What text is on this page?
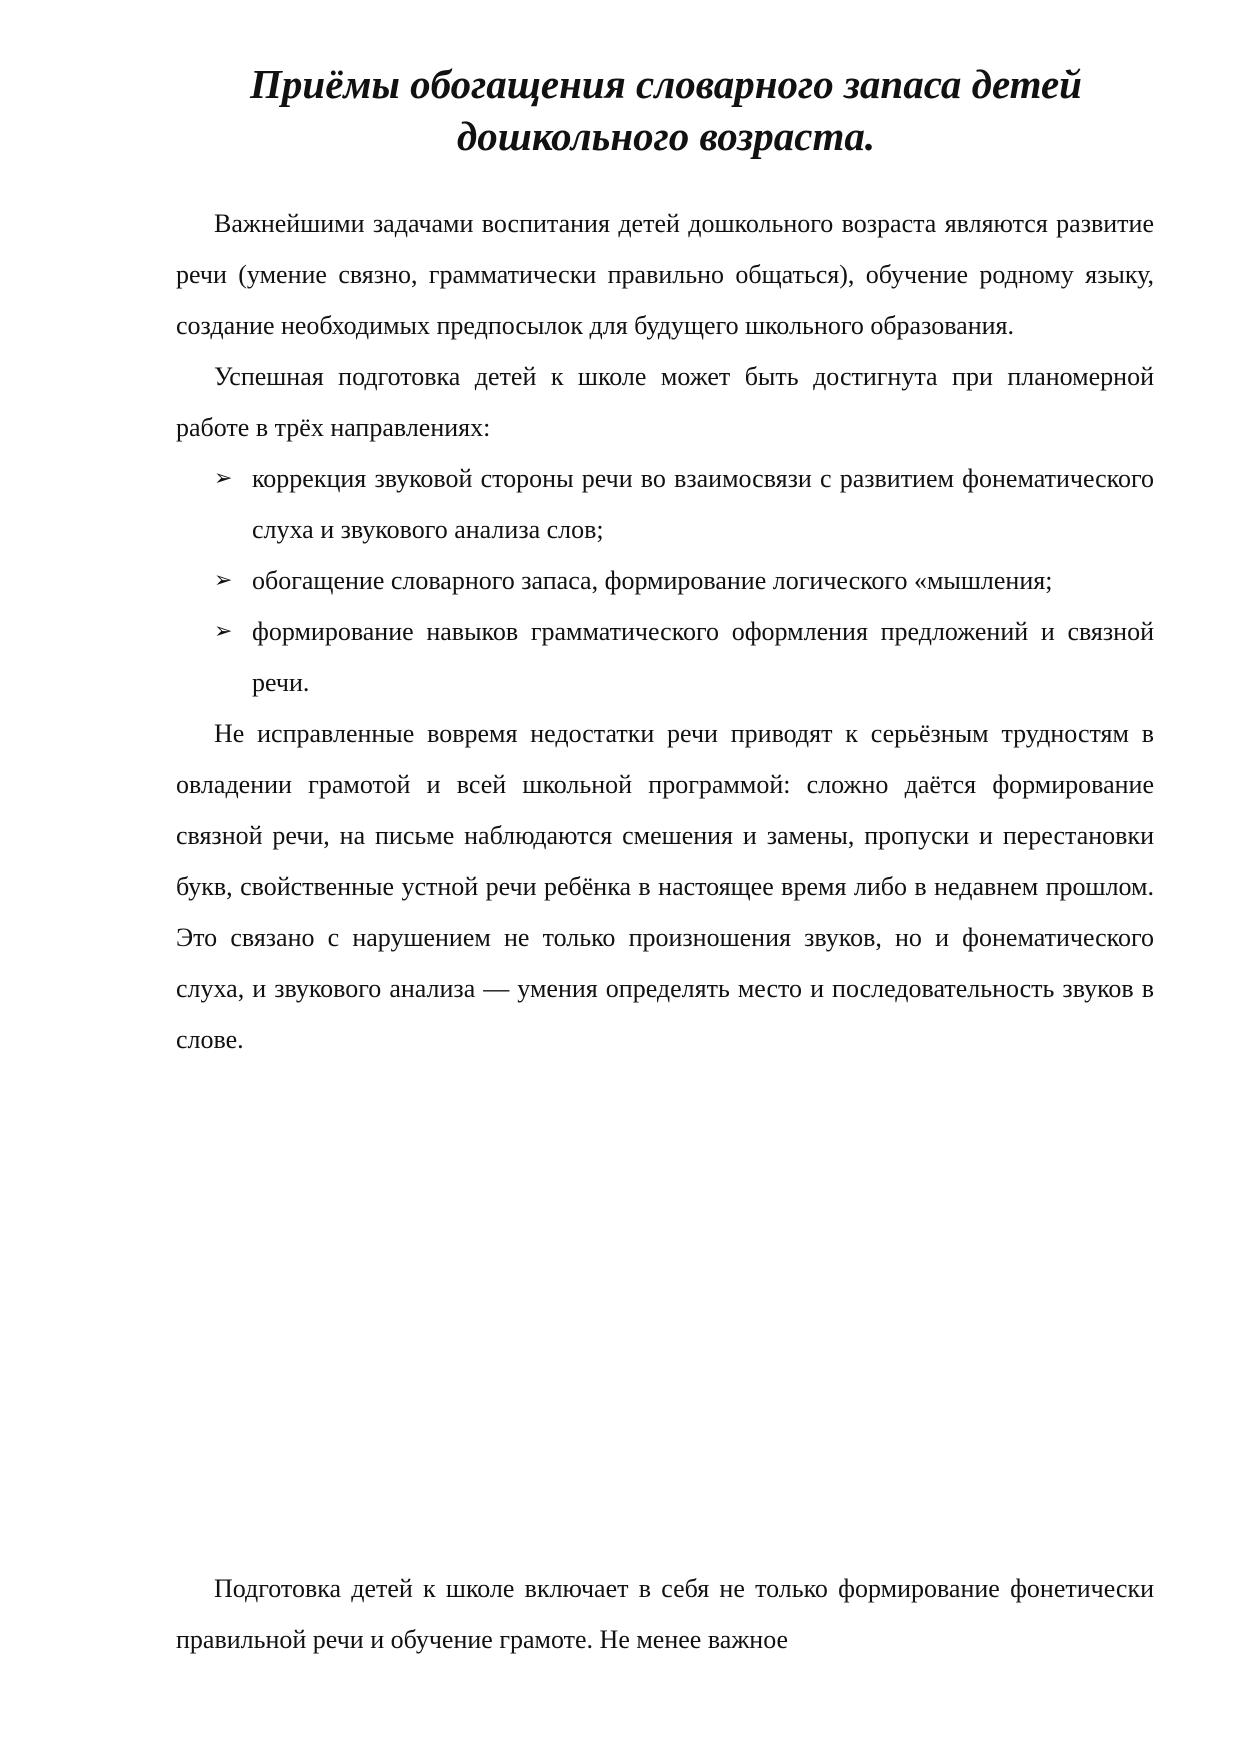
Приёмы обогащения словарного запаса детей
дошкольного возраста.

Важнейшими задачами воспитания детей дошкольного возраста являются развитие речи (умение связно, грамматически правильно общаться), обучение родному языку, создание необходимых предпосылок для будущего школьного образования.

Успешная подготовка детей к школе может быть достигнута при планомерной работе в трёх направлениях:

➢ коррекция звуковой стороны речи во взаимосвязи с развитием фонематического слуха и звукового анализа слов;
➢ обогащение словарного запаса, формирование логического «мышления;
➢ формирование навыков грамматического оформления предложений и связной речи.

Не исправленные вовремя недостатки речи приводят к серьёзным трудностям в овладении грамотой и всей школьной программой: сложно даётся формирование связной речи, на письме наблюдаются смешения и замены, пропуски и перестановки букв, свойственные устной речи ребёнка в настоящее время либо в недавнем прошлом. Это связано с нарушением не только произношения звуков, но и фонематического слуха, и звукового анализа — умения определять место и последовательность звуков в слове.

Подготовка детей к школе включает в себя не только формирование фонетически правильной речи и обучение грамоте. Не менее важное
